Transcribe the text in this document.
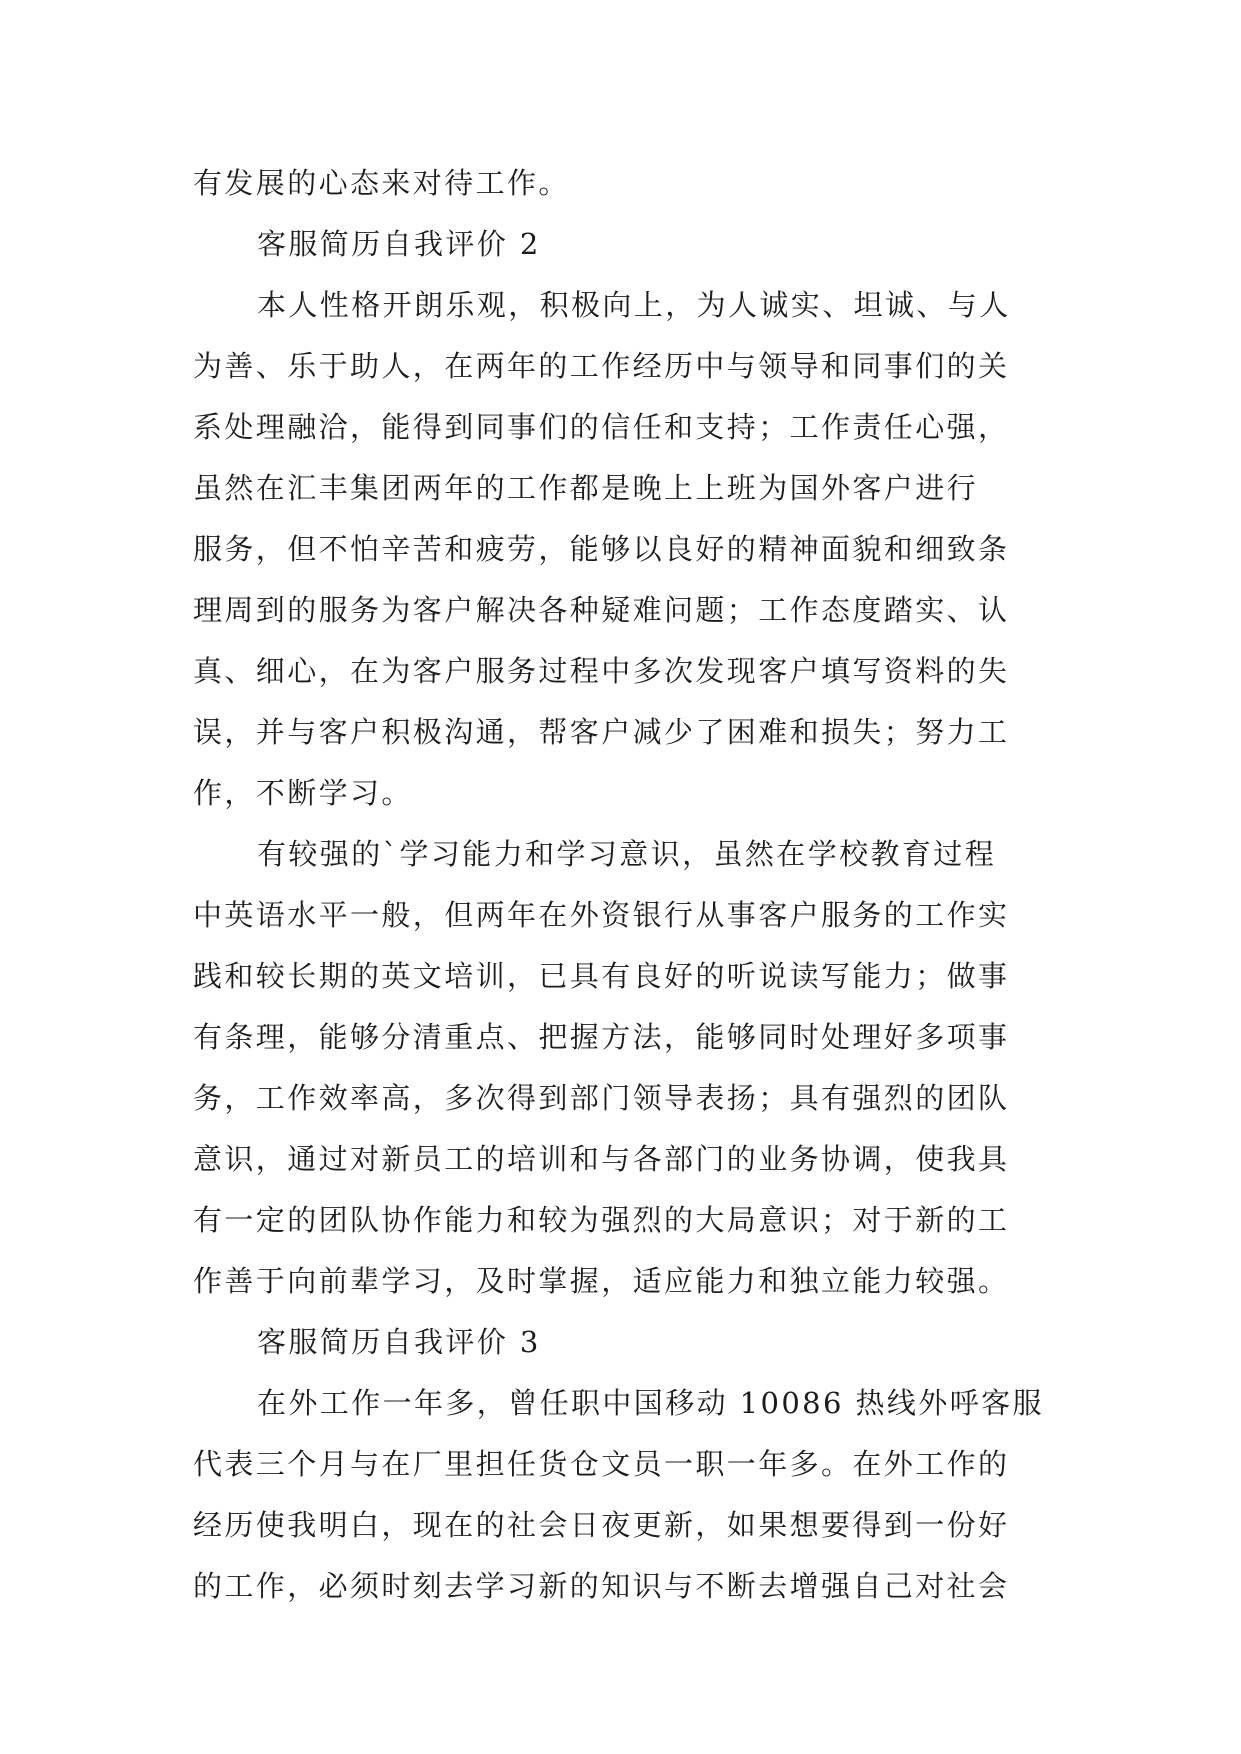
有发展的心态来对待工作。
客服简历自我评价 2
本人性格开朗乐观，积极向上，为人诚实、坦诚、与人
为善、乐于助人，在两年的工作经历中与领导和同事们的关
系处理融洽，能得到同事们的信任和支持；工作责任心强，
虽然在汇丰集团两年的工作都是晚上上班为国外客户进行
服务，但不怕辛苦和疲劳，能够以良好的精神面貌和细致条
理周到的服务为客户解决各种疑难问题；工作态度踏实、认
真、细心，在为客户服务过程中多次发现客户填写资料的失
误，并与客户积极沟通，帮客户减少了困难和损失；努力工
作，不断学习。
有较强的`学习能力和学习意识，虽然在学校教育过程
中英语水平一般，但两年在外资银行从事客户服务的工作实
践和较长期的英文培训，已具有良好的听说读写能力；做事
有条理，能够分清重点、把握方法，能够同时处理好多项事
务，工作效率高，多次得到部门领导表扬；具有强烈的团队
意识，通过对新员工的培训和与各部门的业务协调，使我具
有一定的团队协作能力和较为强烈的大局意识；对于新的工
作善于向前辈学习，及时掌握，适应能力和独立能力较强。
客服简历自我评价 3
在外工作一年多，曾任职中国移动 10086 热线外呼客服
代表三个月与在厂里担任货仓文员一职一年多。在外工作的
经历使我明白，现在的社会日夜更新，如果想要得到一份好
的工作，必须时刻去学习新的知识与不断去增强自己对社会
